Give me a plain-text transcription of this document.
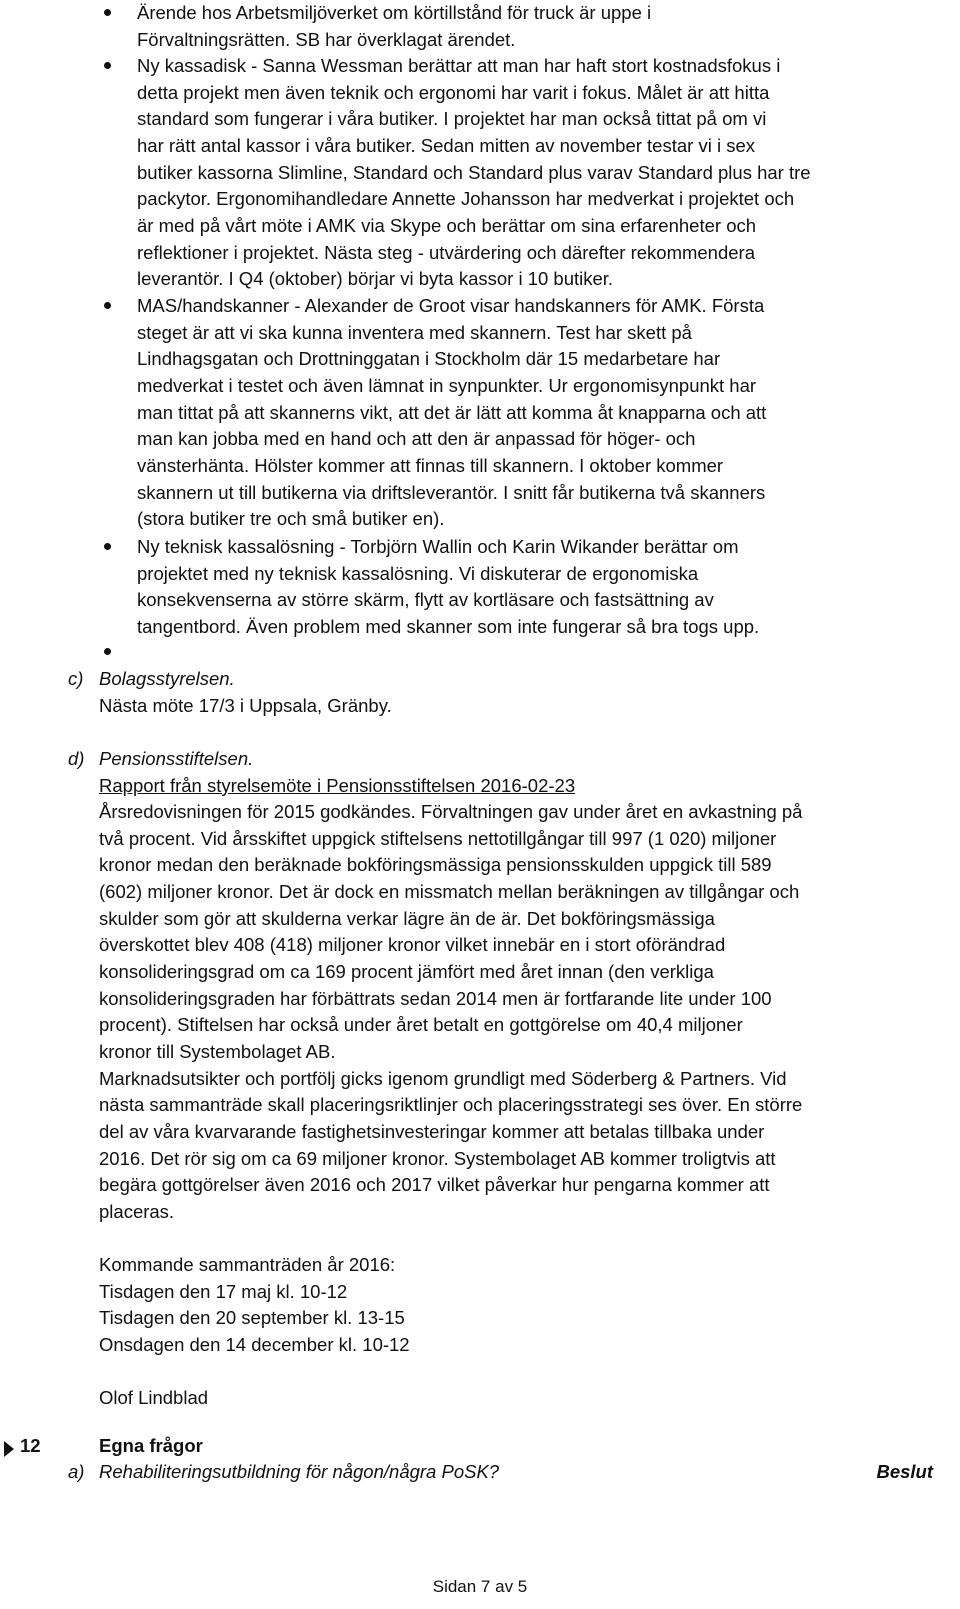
Ärende hos Arbetsmiljöverket om körtillstånd för truck är uppe i
Förvaltningsrätten. SB har överklagat ärendet.
Ny kassadisk - Sanna Wessman berättar att man har haft stort kostnadsfokus i
detta projekt men även teknik och ergonomi har varit i fokus. Målet är att hitta
standard som fungerar i våra butiker. I projektet har man också tittat på om vi
har rätt antal kassor i våra butiker. Sedan mitten av november testar vi i sex
butiker kassorna Slimline, Standard och Standard plus varav Standard plus har tre
packytor. Ergonomihandledare Annette Johansson har medverkat i projektet och
är med på vårt möte i AMK via Skype och berättar om sina erfarenheter och
reflektioner i projektet. Nästa steg - utvärdering och därefter rekommendera
leverantör. I Q4 (oktober) börjar vi byta kassor i 10 butiker.
MAS/handskanner - Alexander de Groot visar handskanners för AMK. Första
steget är att vi ska kunna inventera med skannern. Test har skett på
Lindhagsgatan och Drottninggatan i Stockholm där 15 medarbetare har
medverkat i testet och även lämnat in synpunkter. Ur ergonomisynpunkt har
man tittat på att skannerns vikt, att det är lätt att komma åt knapparna och att
man kan jobba med en hand och att den är anpassad för höger- och
vänsterhänta. Hölster kommer att finnas till skannern. I oktober kommer
skannern ut till butikerna via driftsleverantör. I snitt får butikerna två skanners
(stora butiker tre och små butiker en).
Ny teknisk kassalösning - Torbjörn Wallin och Karin Wikander berättar om
projektet med ny teknisk kassalösning. Vi diskuterar de ergonomiska
konsekvenserna av större skärm, flytt av kortläsare och fastsättning av
tangentbord. Även problem med skanner som inte fungerar så bra togs upp.
c) Bolagsstyrelsen.
Nästa möte 17/3 i Uppsala, Gränby.
d) Pensionsstiftelsen.
Rapport från styrelsemöte i Pensionsstiftelsen 2016-02-23
Årsredovisningen för 2015 godkändes. Förvaltningen gav under året en avkastning på
två procent. Vid årsskiftet uppgick stiftelsens nettotillgångar till 997 (1 020) miljoner
kronor medan den beräknade bokföringsmässiga pensionsskulden uppgick till 589
(602) miljoner kronor. Det är dock en missmatch mellan beräkningen av tillgångar och
skulder som gör att skulderna verkar lägre än de är. Det bokföringsmässiga
överskottet blev 408 (418) miljoner kronor vilket innebär en i stort oförändrad
konsolideringsgrad om ca 169 procent jämfört med året innan (den verkliga
konsolideringsgraden har förbättrats sedan 2014 men är fortfarande lite under 100
procent). Stiftelsen har också under året betalt en gottgörelse om 40,4 miljoner
kronor till Systembolaget AB.
Marknadsutsikter och portfölj gicks igenom grundligt med Söderberg & Partners. Vid
nästa sammanträde skall placeringsriktlinjer och placeringsstrategi ses över. En större
del av våra kvarvarande fastighetsinvesteringar kommer att betalas tillbaka under
2016. Det rör sig om ca 69 miljoner kronor. Systembolaget AB kommer troligtvis att
begära gottgörelser även 2016 och 2017 vilket påverkar hur pengarna kommer att
placeras.
Kommande sammanträden år 2016:
Tisdagen den 17 maj kl. 10-12
Tisdagen den 20 september kl. 13-15
Onsdagen den 14 december kl. 10-12
Olof Lindblad
12	Egna frågor
a) Rehabiliteringsutbildning för någon/några PoSK?	Beslut
Sidan 7 av 5
